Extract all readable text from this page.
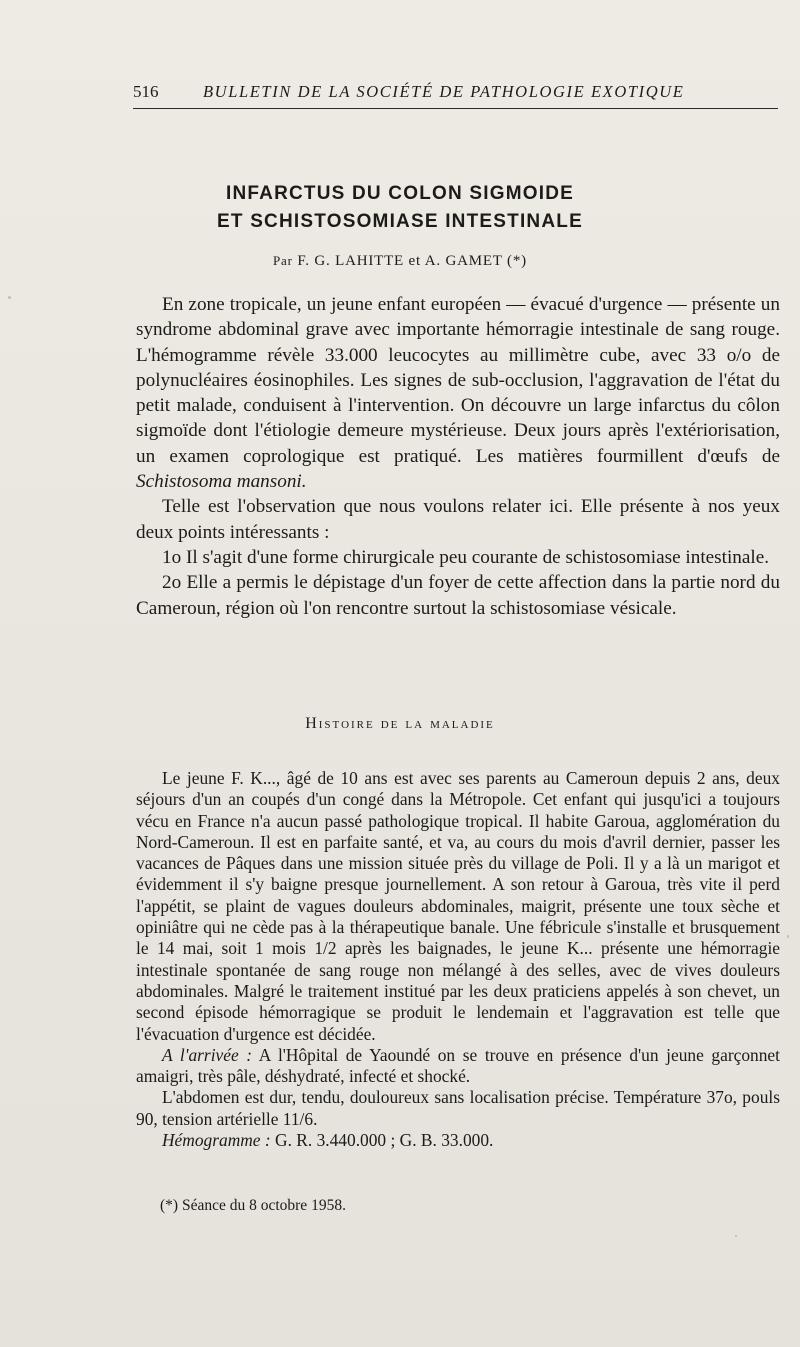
516	BULLETIN DE LA SOCIÉTÉ DE PATHOLOGIE EXOTIQUE
INFARCTUS DU COLON SIGMOIDE
ET SCHISTOSOMIASE INTESTINALE
Par F. G. LAHITTE et A. GAMET (*)

En zone tropicale, un jeune enfant européen — évacué d'urgence — présente un syndrome abdominal grave avec importante hémorragie intestinale de sang rouge. L'hémogramme révèle 33.000 leucocytes au millimètre cube, avec 33 o/o de polynucléaires éosinophiles. Les signes de sub-occlusion, l'aggravation de l'état du petit malade, conduisent à l'intervention. On découvre un large infarctus du côlon sigmoïde dont l'étiologie demeure mystérieuse. Deux jours après l'extériorisation, un examen coprologique est pratiqué. Les matières fourmillent d'œufs de Schistosoma mansoni.

Telle est l'observation que nous voulons relater ici. Elle présente à nos yeux deux points intéressants :

1o Il s'agit d'une forme chirurgicale peu courante de schistosomiase intestinale.

2o Elle a permis le dépistage d'un foyer de cette affection dans la partie nord du Cameroun, région où l'on rencontre surtout la schistosomiase vésicale.

Histoire de la maladie

Le jeune F. K..., âgé de 10 ans est avec ses parents au Cameroun depuis 2 ans, deux séjours d'un an coupés d'un congé dans la Métropole. Cet enfant qui jusqu'ici a toujours vécu en France n'a aucun passé pathologique tropical. Il habite Garoua, agglomération du Nord-Cameroun. Il est en parfaite santé, et va, au cours du mois d'avril dernier, passer les vacances de Pâques dans une mission située près du village de Poli. Il y a là un marigot et évidemment il s'y baigne presque journellement. A son retour à Garoua, très vite il perd l'appétit, se plaint de vagues douleurs abdominales, maigrit, présente une toux sèche et opiniâtre qui ne cède pas à la thérapeutique banale. Une fébricule s'installe et brusquement le 14 mai, soit 1 mois 1/2 après les baignades, le jeune K... présente une hémorragie intestinale spontanée de sang rouge non mélangé à des selles, avec de vives douleurs abdominales. Malgré le traitement institué par les deux praticiens appelés à son chevet, un second épisode hémorragique se produit le lendemain et l'aggravation est telle que l'évacuation d'urgence est décidée.

A l'arrivée : A l'Hôpital de Yaoundé on se trouve en présence d'un jeune garçonnet amaigri, très pâle, déshydraté, infecté et shocké.

L'abdomen est dur, tendu, douloureux sans localisation précise. Température 37o, pouls 90, tension artérielle 11/6.

Hémogramme : G. R. 3.440.000 ; G. B. 33.000.

(*) Séance du 8 octobre 1958.
